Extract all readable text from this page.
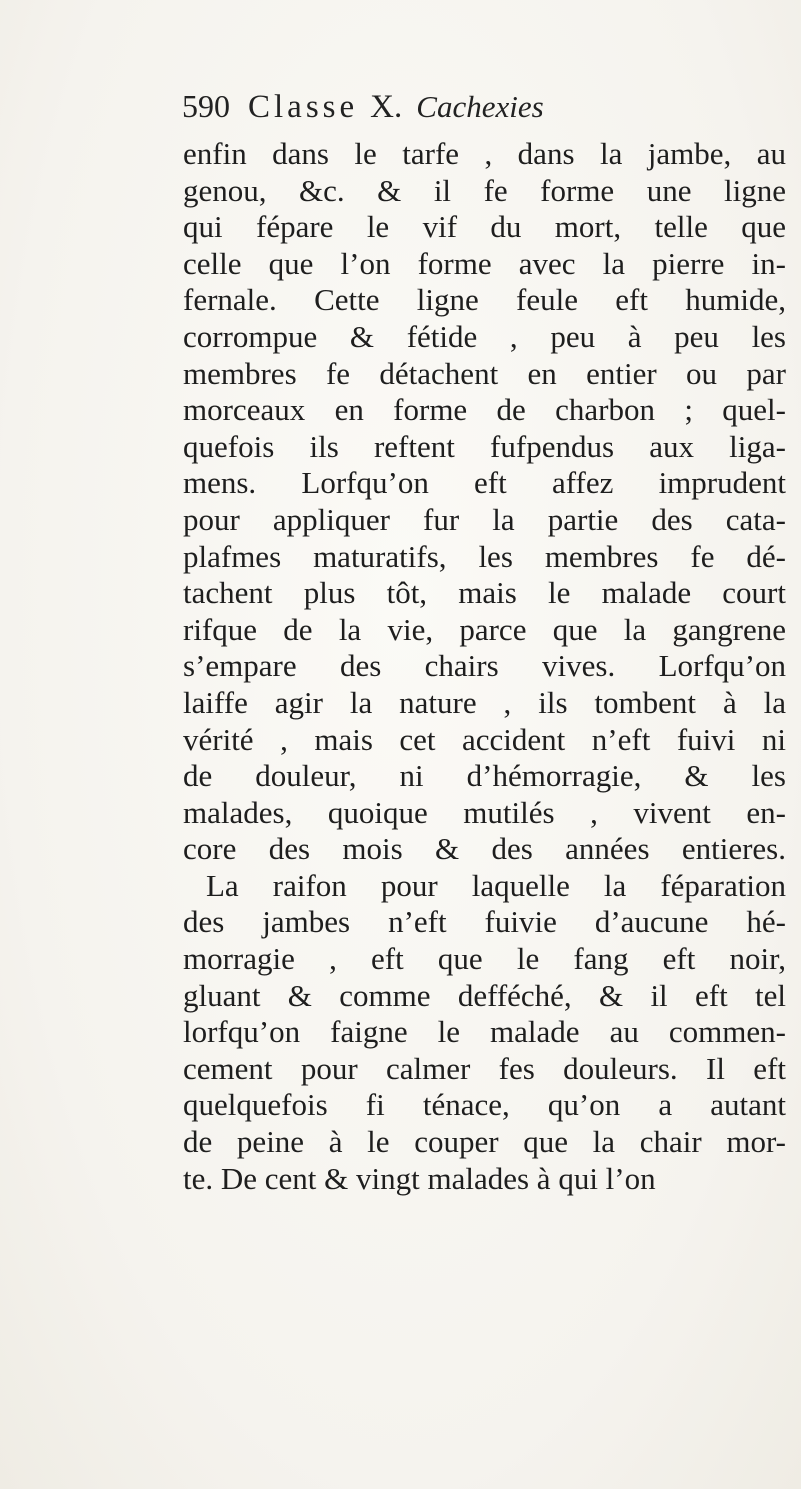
590 Classe X. Cachexies
enfin dans le tarfe , dans la jambe, au
genou, &c. & il fe forme une ligne
qui fépare le vif du mort, telle que
celle que l’on forme avec la pierre in-
fernale. Cette ligne feule eft humide,
corrompue & fétide , peu à peu les
membres fe détachent en entier ou par
morceaux en forme de charbon ; quel-
quefois ils reftent fufpendus aux liga-
mens. Lorfqu’on eft affez imprudent
pour appliquer fur la partie des cata-
plafmes maturatifs, les membres fe dé-
tachent plus tôt, mais le malade court
rifque de la vie, parce que la gangrene
s’empare des chairs vives. Lorfqu’on
laiffe agir la nature , ils tombent à la
vérité , mais cet accident n’eft fuivi ni
de douleur, ni d’hémorragie, & les
malades, quoique mutilés , vivent en-
core des mois & des années entieres.
La raifon pour laquelle la féparation
des jambes n’eft fuivie d’aucune hé-
morragie , eft que le fang eft noir,
gluant & comme defféché, & il eft tel
lorfqu’on faigne le malade au commen-
cement pour calmer fes douleurs. Il eft
quelquefois fi ténace, qu’on a autant
de peine à le couper que la chair mor-
te. De cent & vingt malades à qui l’on
